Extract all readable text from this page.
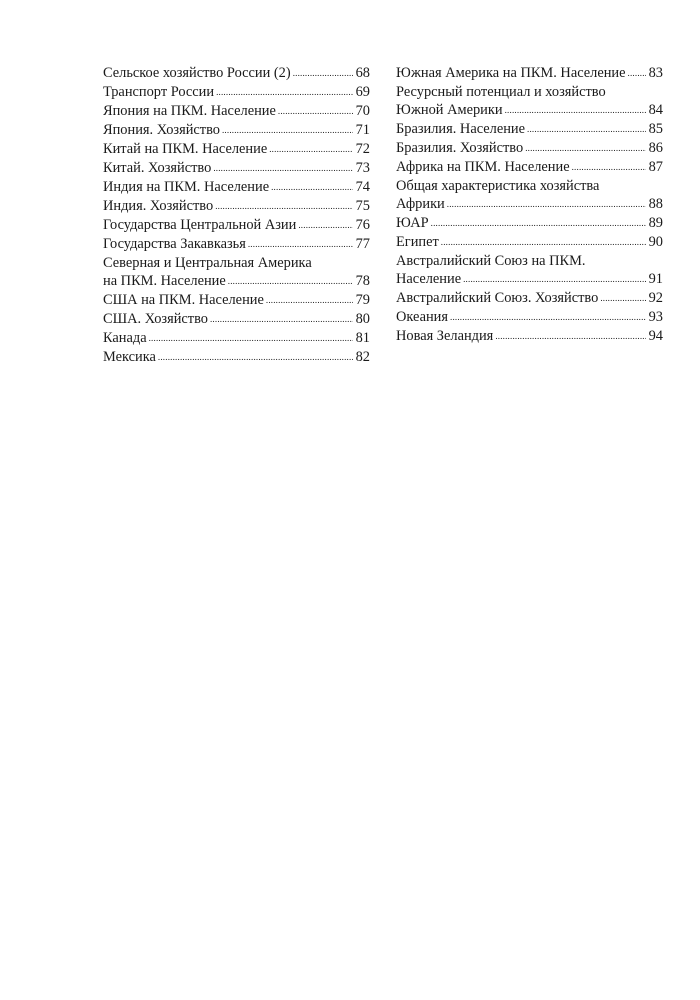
Сельское хозяйство России (2) .....	68
Транспорт России .....	69
Япония на ПКМ. Население .....	70
Япония. Хозяйство .....	71
Китай на ПКМ. Население .....	72
Китай. Хозяйство .....	73
Индия на ПКМ. Население .....	74
Индия. Хозяйство .....	75
Государства Центральной Азии .....	76
Государства Закавказья .....	77
Северная и Центральная Америка
на ПКМ. Население .....	78
США на ПКМ. Население .....	79
США. Хозяйство .....	80
Канада .....	81
Мексика .....	82
Южная Америка на ПКМ. Население ..... 83
Ресурсный потенциал и хозяйство
Южной Америки .....	84
Бразилия. Население .....	85
Бразилия. Хозяйство .....	86
Африка на ПКМ. Население .....	87
Общая характеристика хозяйства
Африки .....	88
ЮАР .....	89
Египет .....	90
Австралийский Союз на ПКМ.
Население .....	91
Австралийский Союз. Хозяйство .....	92
Океания .....	93
Новая Зеландия .....	94
